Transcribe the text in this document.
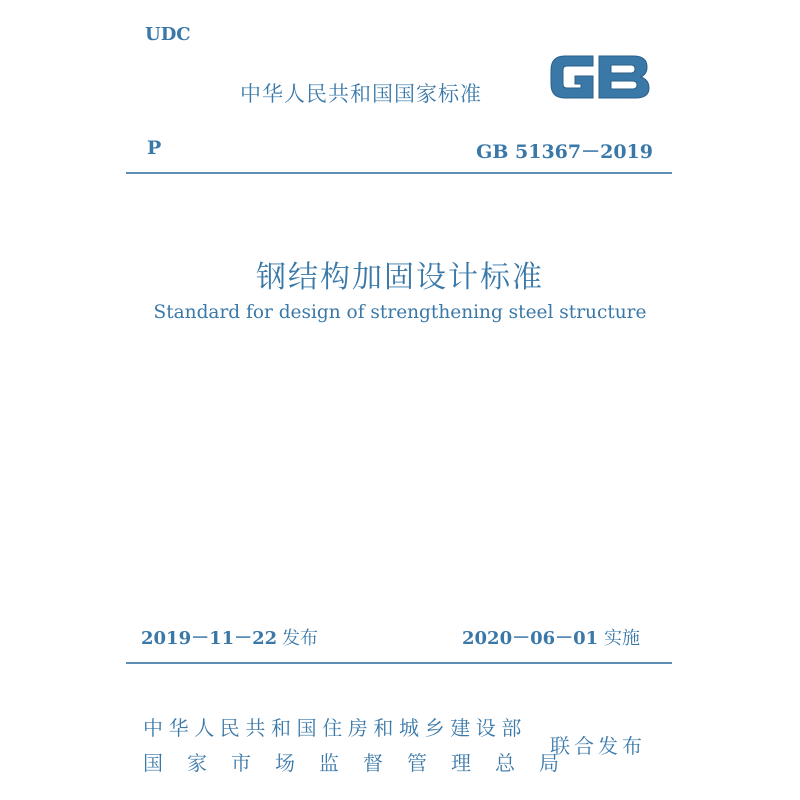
UDC
中华人民共和国国家标准
GB
P	GB 51367－2019
钢结构加固设计标准
Standard for design of strengthening steel structure
2019－11－22 发布	2020－06－01 实施
中华人民共和国住房和城乡建设部
国家市场监督管理总局
联合发布
